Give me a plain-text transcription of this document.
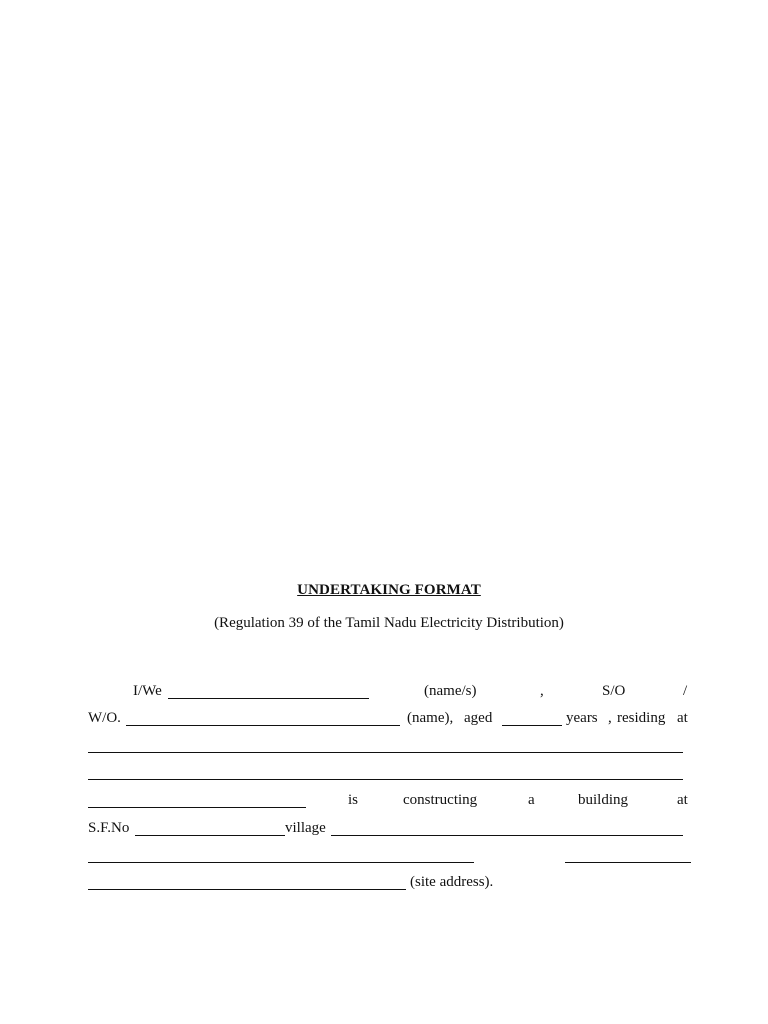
UNDERTAKING FORMAT
(Regulation 39 of the Tamil Nadu Electricity Distribution)
I/We	(name/s)	,	S/O	/
W/O.	(name), aged	years , residing at
is	constructing	a	building	at
S.F.No	village
(site address).
